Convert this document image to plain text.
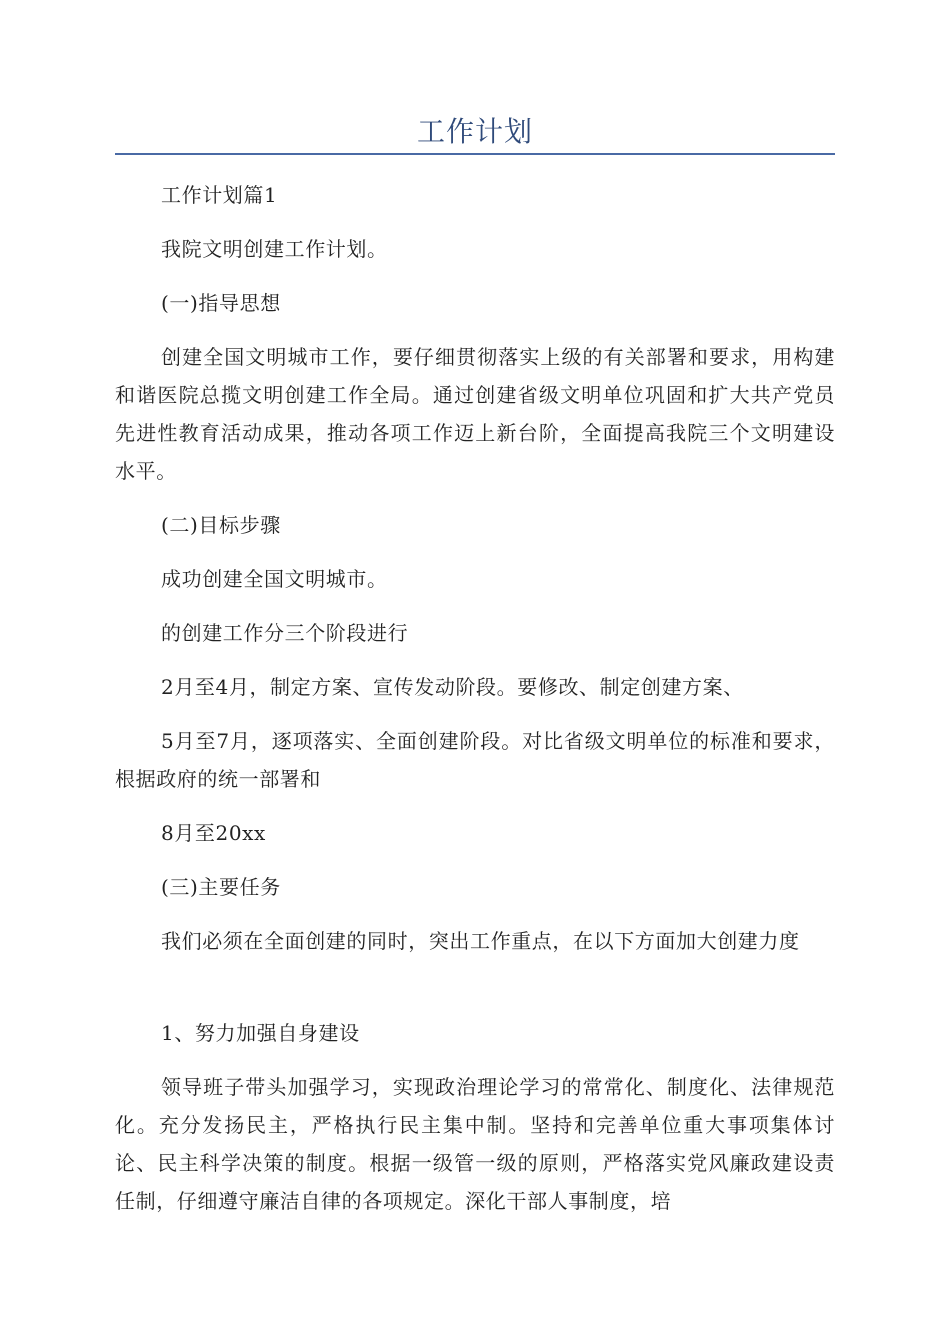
工作计划

工作计划篇1

我院文明创建工作计划。

(一)指导思想

创建全国文明城市工作，要仔细贯彻落实上级的有关部署和要求，用构建和谐医院总揽文明创建工作全局。通过创建省级文明单位巩固和扩大共产党员先进性教育活动成果，推动各项工作迈上新台阶，全面提高我院三个文明建设水平。

(二)目标步骤

成功创建全国文明城市。

的创建工作分三个阶段进行

2月至4月，制定方案、宣传发动阶段。要修改、制定创建方案、

5月至7月，逐项落实、全面创建阶段。对比省级文明单位的标准和要求，根据政府的统一部署和

8月至20xx

(三)主要任务

我们必须在全面创建的同时，突出工作重点，在以下方面加大创建力度

1、努力加强自身建设

领导班子带头加强学习，实现政治理论学习的常常化、制度化、法律规范化。充分发扬民主，严格执行民主集中制。坚持和完善单位重大事项集体讨论、民主科学决策的制度。根据一级管一级的原则，严格落实党风廉政建设责任制，仔细遵守廉洁自律的各项规定。深化干部人事制度，培
